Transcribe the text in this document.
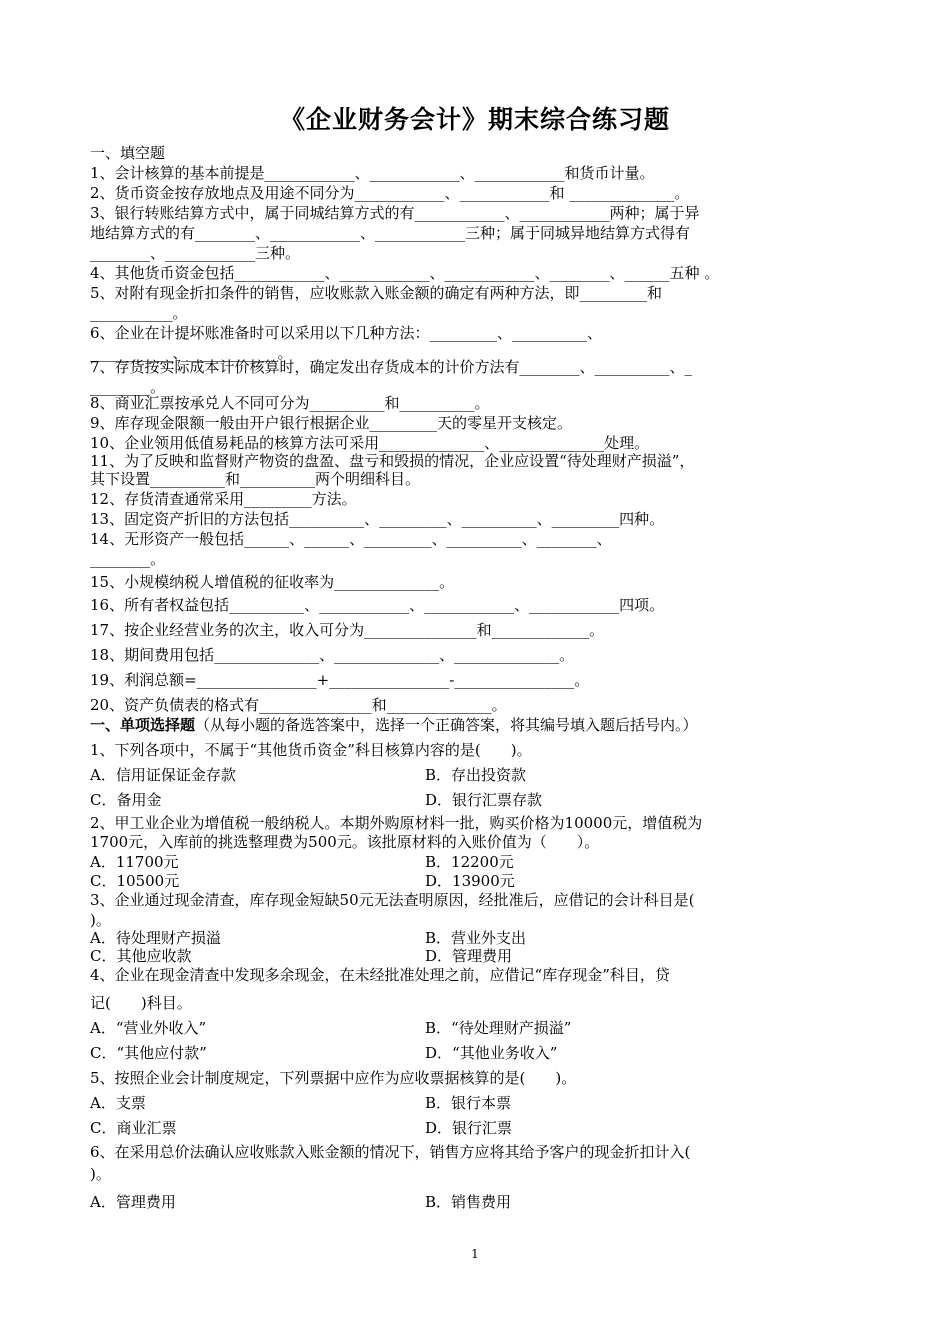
《企业财务会计》期末综合练习题
一、填空题
1、会计核算的基本前提是____________、____________、____________和货币计量。
2、货币资金按存放地点及用途不同分为____________、____________和 ______________。
3、银行转账结算方式中，属于同城结算方式的有____________、____________两种；属于异
地结算方式的有________、____________、____________三种；属于同城异地结算方式得有
________、____________三种。
4、其他货币资金包括____________、____________、____________、________、______五种 。
5、对附有现金折扣条件的销售，应收账款入账金额的确定有两种方法，即_________和
___________。
6、企业在计提坏账准备时可以采用以下几种方法：_________、__________、
___________、____________。
7、存货按实际成本计价核算时，确定发出存货成本的计价方法有________、__________、_
________。
8、商业汇票按承兑人不同可分为__________和__________。
9、库存现金限额一般由开户银行根据企业_________天的零星开支核定。
10、企业领用低值易耗品的核算方法可采用______________、______________处理。
11、为了反映和监督财产物资的盘盈、盘亏和毁损的情况，企业应设置“待处理财产损溢”，
其下设置__________和__________两个明细科目。
12、存货清查通常采用_________方法。
13、固定资产折旧的方法包括__________、_________、__________、_________四种。
14、无形资产一般包括______、______、_________、__________、________、
________。
15、小规模纳税人增值税的征收率为______________。
16、所有者权益包括__________、____________、____________、____________四项。
17、按企业经营业务的次主，收入可分为_______________和_____________。
18、期间费用包括______________、______________、______________。
19、利润总额=________________+________________-________________。
20、资产负债表的格式有_______________和______________。
一、单项选择题（从每小题的备选答案中，选择一个正确答案，将其编号填入题后括号内。）
1、下列各项中，不属于“其他货币资金”科目核算内容的是(　　)。
A．信用证保证金存款	B．存出投资款
C．备用金	D．银行汇票存款
2、甲工业企业为增值税一般纳税人。本期外购原材料一批，购买价格为10000元，增值税为
1700元，入库前的挑选整理费为500元。该批原材料的入账价值为（　　）。
A．11700元	B．12200元
C．10500元	D．13900元
3、企业通过现金清查，库存现金短缺50元无法查明原因，经批准后，应借记的会计科目是(
)。
A．待处理财产损溢	B．营业外支出
C．其他应收款	D．管理费用
4、企业在现金清查中发现多余现金，在未经批准处理之前，应借记“库存现金”科目，贷
记(　　)科目。
A．“营业外收入”	B．“待处理财产损溢”
C．“其他应付款”	D．“其他业务收入”
5、按照企业会计制度规定，下列票据中应作为应收票据核算的是(　　)。
A．支票	B．银行本票
C．商业汇票	D．银行汇票
6、在采用总价法确认应收账款入账金额的情况下，销售方应将其给予客户的现金折扣计入(
)。
A．管理费用	B．销售费用
1
